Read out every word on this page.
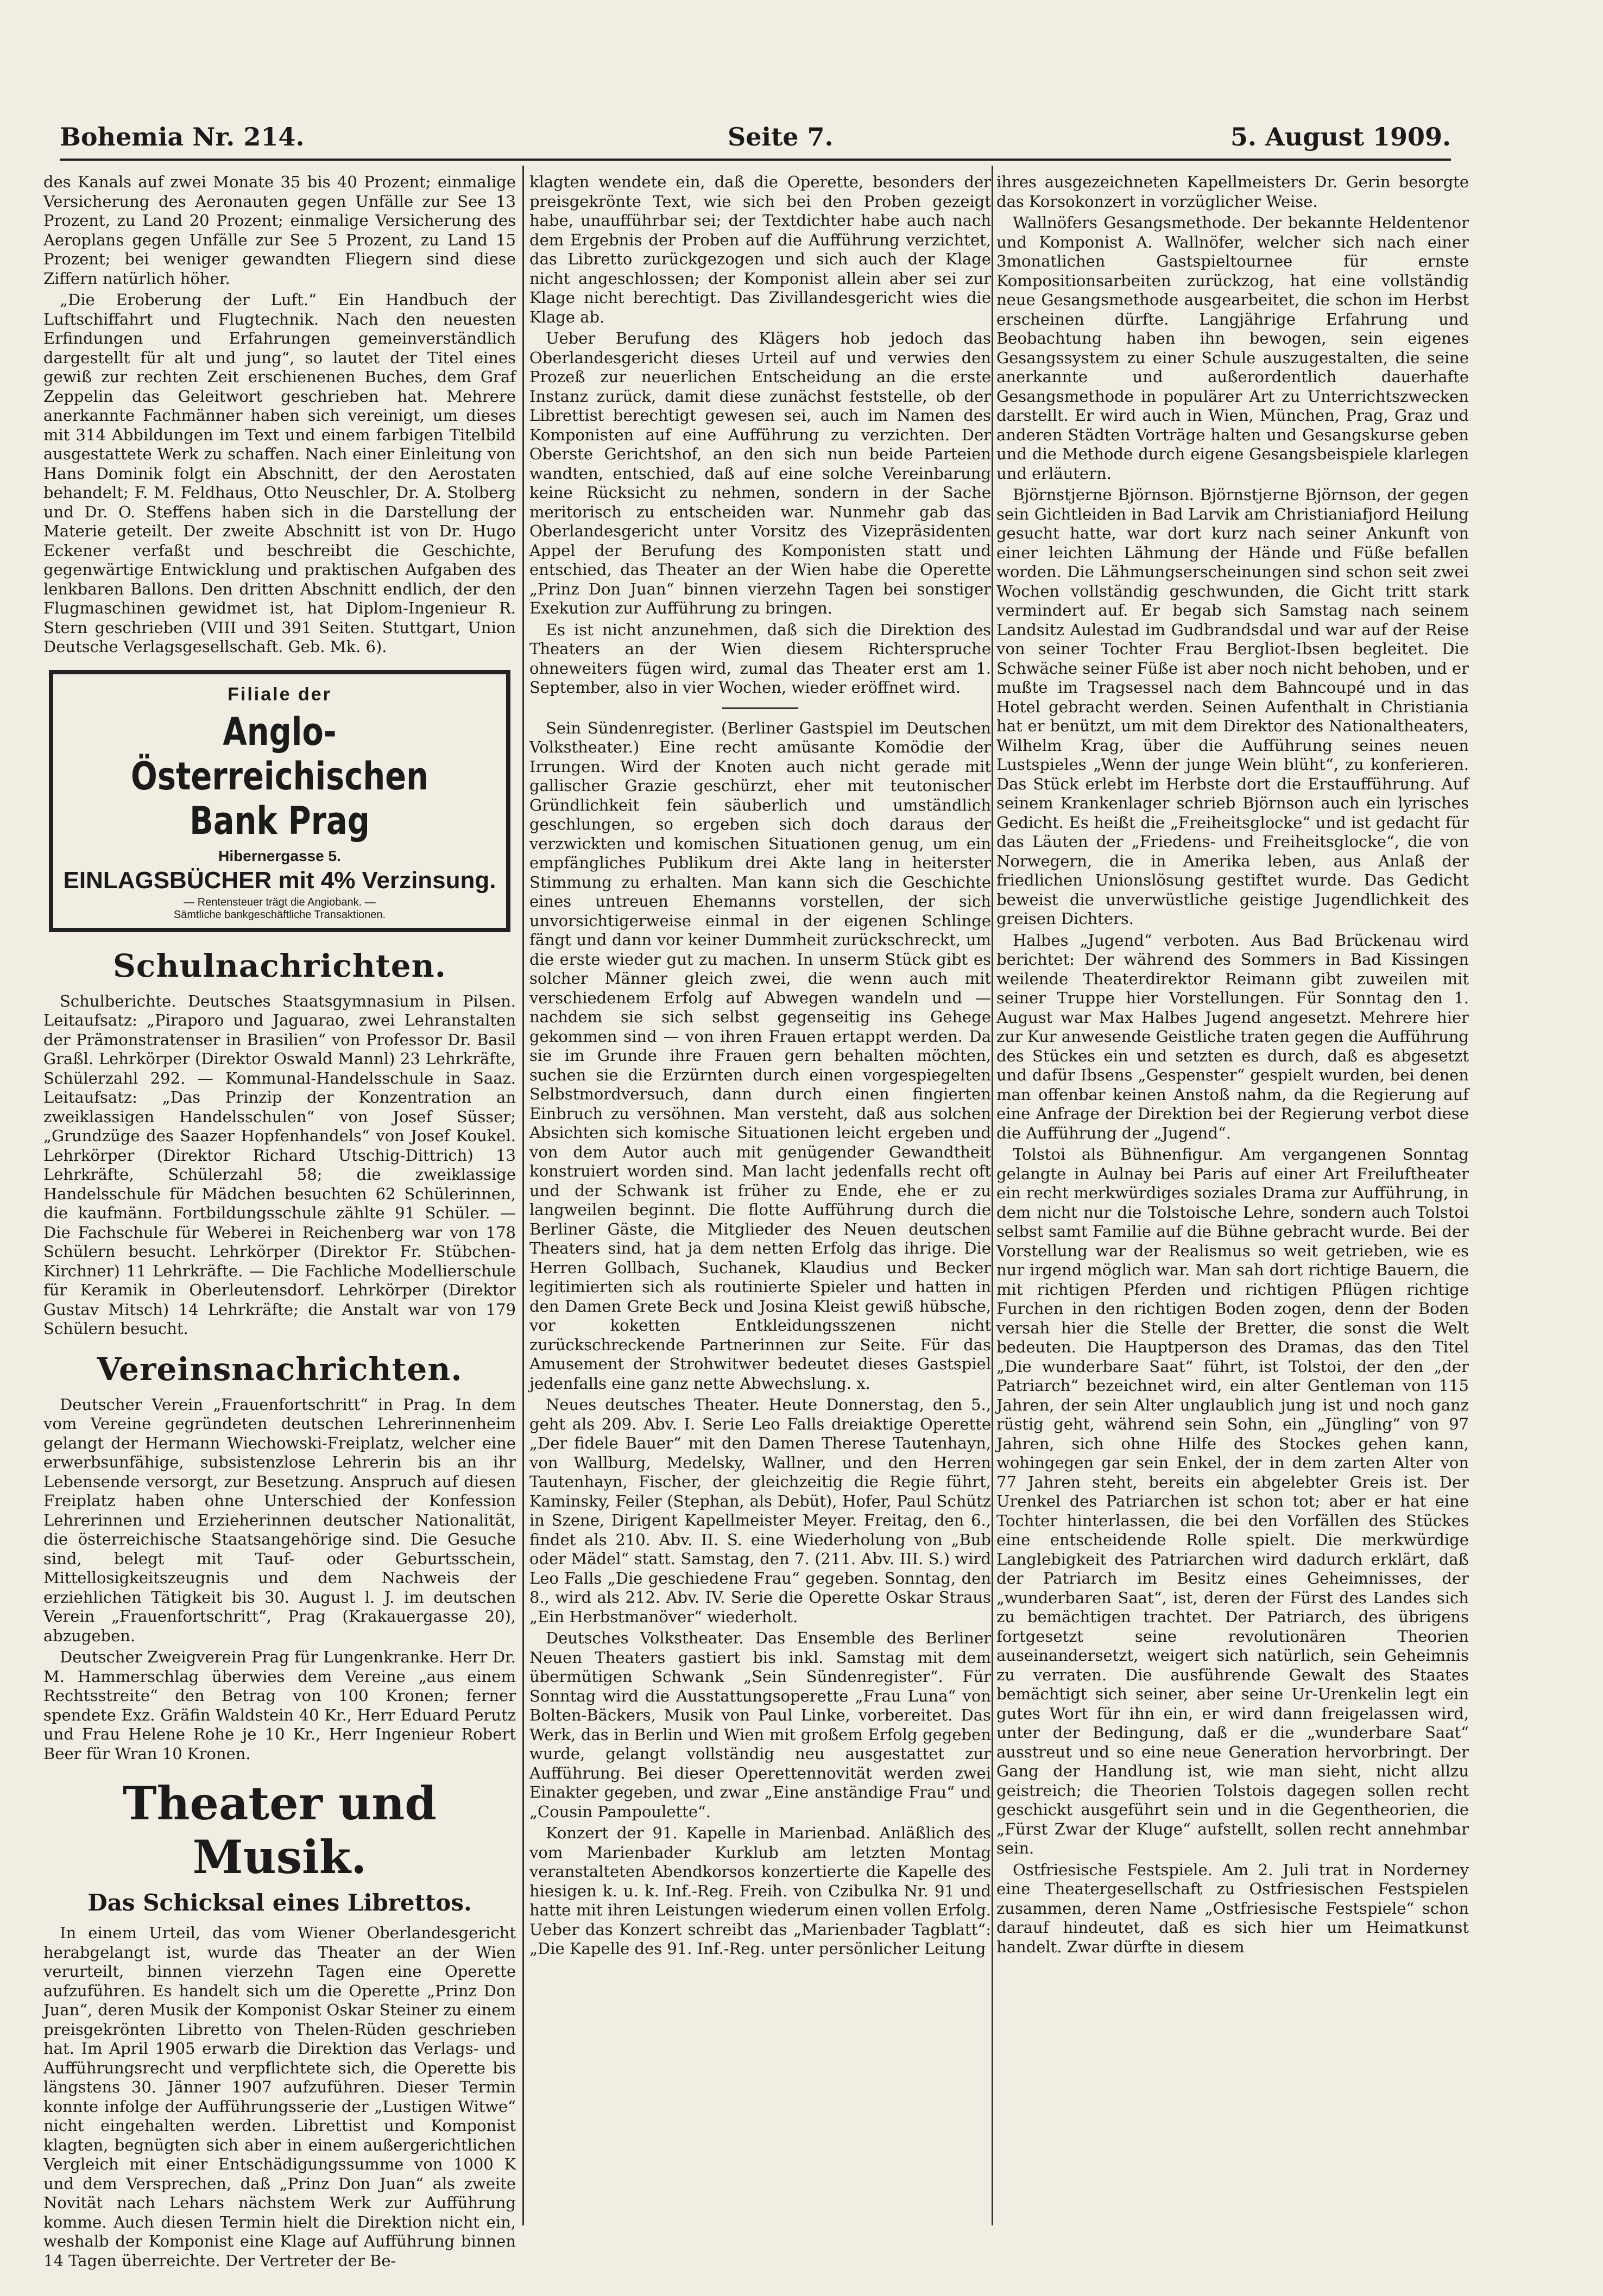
Bohemia Nr. 214.	Seite 7.	5. August 1909.

des Kanals auf zwei Monate 35 bis 40 Prozent; einmalige Versicherung des Aeronauten gegen Unfälle zur See 13 Prozent, zu Land 20 Prozent; einmalige Versicherung des Aeroplans gegen Unfälle zur See 5 Prozent, zu Land 15 Prozent; bei weniger gewandten Fliegern sind diese Ziffern natürlich höher.

„Die Eroberung der Luft.“ Ein Handbuch der Luftschiffahrt und Flugtechnik. Nach den neuesten Erfindungen und Erfahrungen gemeinverständlich dargestellt für alt und jung“, so lautet der Titel eines gewiß zur rechten Zeit erschienenen Buches, dem Graf Zeppelin das Geleitwort geschrieben hat. Mehrere anerkannte Fachmänner haben sich vereinigt, um dieses mit 314 Abbildungen im Text und einem farbigen Titelbild ausgestattete Werk zu schaffen. Nach einer Einleitung von Hans Dominik folgt ein Abschnitt, der den Aerostaten behandelt; F. M. Feldhaus, Otto Neuschler, Dr. A. Stolberg und Dr. O. Steffens haben sich in die Darstellung der Materie geteilt. Der zweite Abschnitt ist von Dr. Hugo Eckener verfaßt und beschreibt die Geschichte, gegenwärtige Entwicklung und praktischen Aufgaben des lenkbaren Ballons. Den dritten Abschnitt endlich, der den Flugmaschinen gewidmet ist, hat Diplom-Ingenieur R. Stern geschrieben (VIII und 391 Seiten. Stuttgart, Union Deutsche Verlagsgesellschaft. Geb. Mk. 6).

Filiale der
Anglo-Österreichischen Bank Prag
Hibernergasse 5.
EINLAGSBÜCHER mit 4% Verzinsung.
— Rentensteuer trägt die Angiobank. —
Sämtliche bankgeschäftliche Transaktionen.
Schulnachrichten.

Schulberichte. Deutsches Staatsgymnasium in Pilsen. Leitaufsatz: „Piraporo und Jaguarao, zwei Lehranstalten der Prämonstratenser in Brasilien“ von Professor Dr. Basil Graßl. Lehrkörper (Direktor Oswald Mannl) 23 Lehrkräfte, Schülerzahl 292. — Kommunal-Handelsschule in Saaz. Leitaufsatz: „Das Prinzip der Konzentration an zweiklassigen Handelsschulen“ von Josef Süsser; „Grundzüge des Saazer Hopfenhandels“ von Josef Koukel. Lehrkörper (Direktor Richard Utschig-Dittrich) 13 Lehrkräfte, Schülerzahl 58; die zweiklassige Handelsschule für Mädchen besuchten 62 Schülerinnen, die kaufmänn. Fortbildungsschule zählte 91 Schüler. — Die Fachschule für Weberei in Reichenberg war von 178 Schülern besucht. Lehrkörper (Direktor Fr. Stübchen-Kirchner) 11 Lehrkräfte. — Die Fachliche Modellierschule für Keramik in Oberleutensdorf. Lehrkörper (Direktor Gustav Mitsch) 14 Lehrkräfte; die Anstalt war von 179 Schülern besucht.

Vereinsnachrichten.

Deutscher Verein „Frauenfortschritt“ in Prag. In dem vom Vereine gegründeten deutschen Lehrerinnenheim gelangt der Hermann Wiechowski-Freiplatz, welcher eine erwerbsunfähige, subsistenzlose Lehrerin bis an ihr Lebensende versorgt, zur Besetzung. Anspruch auf diesen Freiplatz haben ohne Unterschied der Konfession Lehrerinnen und Erzieherinnen deutscher Nationalität, die österreichische Staatsangehörige sind. Die Gesuche sind, belegt mit Tauf- oder Geburtsschein, Mittellosigkeitszeugnis und dem Nachweis der erziehlichen Tätigkeit bis 30. August l. J. im deutschen Verein „Frauenfortschritt“, Prag (Krakauergasse 20), abzugeben.

Deutscher Zweigverein Prag für Lungenkranke. Herr Dr. M. Hammerschlag überwies dem Vereine „aus einem Rechtsstreite“ den Betrag von 100 Kronen; ferner spendete Exz. Gräfin Waldstein 40 Kr., Herr Eduard Perutz und Frau Helene Rohe je 10 Kr., Herr Ingenieur Robert Beer für Wran 10 Kronen.

Theater und Musik.
Das Schicksal eines Librettos.

In einem Urteil, das vom Wiener Oberlandesgericht herabgelangt ist, wurde das Theater an der Wien verurteilt, binnen vierzehn Tagen eine Operette aufzuführen. Es handelt sich um die Operette „Prinz Don Juan“, deren Musik der Komponist Oskar Steiner zu einem preisgekrönten Libretto von Thelen-Rüden geschrieben hat. Im April 1905 erwarb die Direktion das Verlags- und Aufführungsrecht und verpflichtete sich, die Operette bis längstens 30. Jänner 1907 aufzuführen. Dieser Termin konnte infolge der Aufführungsserie der „Lustigen Witwe“ nicht eingehalten werden. Librettist und Komponist klagten, begnügten sich aber in einem außergerichtlichen Vergleich mit einer Entschädigungssumme von 1000 K und dem Versprechen, daß „Prinz Don Juan“ als zweite Novität nach Lehars nächstem Werk zur Aufführung komme. Auch diesen Termin hielt die Direktion nicht ein, weshalb der Komponist eine Klage auf Aufführung binnen 14 Tagen überreichte. Der Vertreter der Be-

klagten wendete ein, daß die Operette, besonders der preisgekrönte Text, wie sich bei den Proben gezeigt habe, unaufführbar sei; der Textdichter habe auch nach dem Ergebnis der Proben auf die Aufführung verzichtet, das Libretto zurückgezogen und sich auch der Klage nicht angeschlossen; der Komponist allein aber sei zur Klage nicht berechtigt. Das Zivillandesgericht wies die Klage ab.

Ueber Berufung des Klägers hob jedoch das Oberlandesgericht dieses Urteil auf und verwies den Prozeß zur neuerlichen Entscheidung an die erste Instanz zurück, damit diese zunächst feststelle, ob der Librettist berechtigt gewesen sei, auch im Namen des Komponisten auf eine Aufführung zu verzichten. Der Oberste Gerichtshof, an den sich nun beide Parteien wandten, entschied, daß auf eine solche Vereinbarung keine Rücksicht zu nehmen, sondern in der Sache meritorisch zu entscheiden war. Nunmehr gab das Oberlandesgericht unter Vorsitz des Vizepräsidenten Appel der Berufung des Komponisten statt und entschied, das Theater an der Wien habe die Operette „Prinz Don Juan“ binnen vierzehn Tagen bei sonstiger Exekution zur Aufführung zu bringen.

Es ist nicht anzunehmen, daß sich die Direktion des Theaters an der Wien diesem Richterspruche ohneweiters fügen wird, zumal das Theater erst am 1. September, also in vier Wochen, wieder eröffnet wird.

Sein Sündenregister. (Berliner Gastspiel im Deutschen Volkstheater.) Eine recht amüsante Komödie der Irrungen. Wird der Knoten auch nicht gerade mit gallischer Grazie geschürzt, eher mit teutonischer Gründlichkeit fein säuberlich und umständlich geschlungen, so ergeben sich doch daraus der verzwickten und komischen Situationen genug, um ein empfängliches Publikum drei Akte lang in heiterster Stimmung zu erhalten. Man kann sich die Geschichte eines untreuen Ehemanns vorstellen, der sich unvorsichtigerweise einmal in der eigenen Schlinge fängt und dann vor keiner Dummheit zurückschreckt, um die erste wieder gut zu machen. In unserm Stück gibt es solcher Männer gleich zwei, die wenn auch mit verschiedenem Erfolg auf Abwegen wandeln und — nachdem sie sich selbst gegenseitig ins Gehege gekommen sind — von ihren Frauen ertappt werden. Da sie im Grunde ihre Frauen gern behalten möchten, suchen sie die Erzürnten durch einen vorgespiegelten Selbstmordversuch, dann durch einen fingierten Einbruch zu versöhnen. Man versteht, daß aus solchen Absichten sich komische Situationen leicht ergeben und von dem Autor auch mit genügender Gewandtheit konstruiert worden sind. Man lacht jedenfalls recht oft und der Schwank ist früher zu Ende, ehe er zu langweilen beginnt. Die flotte Aufführung durch die Berliner Gäste, die Mitglieder des Neuen deutschen Theaters sind, hat ja dem netten Erfolg das ihrige. Die Herren Gollbach, Suchanek, Klaudius und Becker legitimierten sich als routinierte Spieler und hatten in den Damen Grete Beck und Josina Kleist gewiß hübsche, vor koketten Entkleidungsszenen nicht zurückschreckende Partnerinnen zur Seite. Für das Amusement der Strohwitwer bedeutet dieses Gastspiel jedenfalls eine ganz nette Abwechslung. x.

Neues deutsches Theater. Heute Donnerstag, den 5., geht als 209. Abv. I. Serie Leo Falls dreiaktige Operette „Der fidele Bauer“ mit den Damen Therese Tautenhayn, von Wallburg, Medelsky, Wallner, und den Herren Tautenhayn, Fischer, der gleichzeitig die Regie führt, Kaminsky, Feiler (Stephan, als Debüt), Hofer, Paul Schütz in Szene, Dirigent Kapellmeister Meyer. Freitag, den 6., findet als 210. Abv. II. S. eine Wiederholung von „Bub oder Mädel“ statt. Samstag, den 7. (211. Abv. III. S.) wird Leo Falls „Die geschiedene Frau“ gegeben. Sonntag, den 8., wird als 212. Abv. IV. Serie die Operette Oskar Straus „Ein Herbstmanöver“ wiederholt.

Deutsches Volkstheater. Das Ensemble des Berliner Neuen Theaters gastiert bis inkl. Samstag mit dem übermütigen Schwank „Sein Sündenregister“. Für Sonntag wird die Ausstattungsoperette „Frau Luna“ von Bolten-Bäckers, Musik von Paul Linke, vorbereitet. Das Werk, das in Berlin und Wien mit großem Erfolg gegeben wurde, gelangt vollständig neu ausgestattet zur Aufführung. Bei dieser Operettennovität werden zwei Einakter gegeben, und zwar „Eine anständige Frau“ und „Cousin Pampoulette“.

Konzert der 91. Kapelle in Marienbad. Anläßlich des vom Marienbader Kurklub am letzten Montag veranstalteten Abendkorsos konzertierte die Kapelle des hiesigen k. u. k. Inf.-Reg. Freih. von Czibulka Nr. 91 und hatte mit ihren Leistungen wiederum einen vollen Erfolg. Ueber das Konzert schreibt das „Marienbader Tagblatt“: „Die Kapelle des 91. Inf.-Reg. unter persönlicher Leitung

ihres ausgezeichneten Kapellmeisters Dr. Gerin besorgte das Korsokonzert in vorzüglicher Weise.

Wallnöfers Gesangsmethode. Der bekannte Heldentenor und Komponist A. Wallnöfer, welcher sich nach einer 3monatlichen Gastspieltournee für ernste Kompositionsarbeiten zurückzog, hat eine vollständig neue Gesangsmethode ausgearbeitet, die schon im Herbst erscheinen dürfte. Langjährige Erfahrung und Beobachtung haben ihn bewogen, sein eigenes Gesangssystem zu einer Schule auszugestalten, die seine anerkannte und außerordentlich dauerhafte Gesangsmethode in populärer Art zu Unterrichtszwecken darstellt. Er wird auch in Wien, München, Prag, Graz und anderen Städten Vorträge halten und Gesangskurse geben und die Methode durch eigene Gesangsbeispiele klarlegen und erläutern.

Björnstjerne Björnson. Björnstjerne Björnson, der gegen sein Gichtleiden in Bad Larvik am Christianiafjord Heilung gesucht hatte, war dort kurz nach seiner Ankunft von einer leichten Lähmung der Hände und Füße befallen worden. Die Lähmungserscheinungen sind schon seit zwei Wochen vollständig geschwunden, die Gicht tritt stark vermindert auf. Er begab sich Samstag nach seinem Landsitz Aulestad im Gudbrandsdal und war auf der Reise von seiner Tochter Frau Bergliot-Ibsen begleitet. Die Schwäche seiner Füße ist aber noch nicht behoben, und er mußte im Tragsessel nach dem Bahncoupé und in das Hotel gebracht werden. Seinen Aufenthalt in Christiania hat er benützt, um mit dem Direktor des Nationaltheaters, Wilhelm Krag, über die Aufführung seines neuen Lustspieles „Wenn der junge Wein blüht“, zu konferieren. Das Stück erlebt im Herbste dort die Erstaufführung. Auf seinem Krankenlager schrieb Björnson auch ein lyrisches Gedicht. Es heißt die „Freiheitsglocke“ und ist gedacht für das Läuten der „Friedens- und Freiheitsglocke“, die von Norwegern, die in Amerika leben, aus Anlaß der friedlichen Unionslösung gestiftet wurde. Das Gedicht beweist die unverwüstliche geistige Jugendlichkeit des greisen Dichters.

Halbes „Jugend“ verboten. Aus Bad Brückenau wird berichtet: Der während des Sommers in Bad Kissingen weilende Theaterdirektor Reimann gibt zuweilen mit seiner Truppe hier Vorstellungen. Für Sonntag den 1. August war Max Halbes Jugend angesetzt. Mehrere hier zur Kur anwesende Geistliche traten gegen die Aufführung des Stückes ein und setzten es durch, daß es abgesetzt und dafür Ibsens „Gespenster“ gespielt wurden, bei denen man offenbar keinen Anstoß nahm, da die Regierung auf eine Anfrage der Direktion bei der Regierung verbot diese die Aufführung der „Jugend“.

Tolstoi als Bühnenfigur. Am vergangenen Sonntag gelangte in Aulnay bei Paris auf einer Art Freiluftheater ein recht merkwürdiges soziales Drama zur Aufführung, in dem nicht nur die Tolstoische Lehre, sondern auch Tolstoi selbst samt Familie auf die Bühne gebracht wurde. Bei der Vorstellung war der Realismus so weit getrieben, wie es nur irgend möglich war. Man sah dort richtige Bauern, die mit richtigen Pferden und richtigen Pflügen richtige Furchen in den richtigen Boden zogen, denn der Boden versah hier die Stelle der Bretter, die sonst die Welt bedeuten. Die Hauptperson des Dramas, das den Titel „Die wunderbare Saat“ führt, ist Tolstoi, der den „der Patriarch“ bezeichnet wird, ein alter Gentleman von 115 Jahren, der sein Alter unglaublich jung ist und noch ganz rüstig geht, während sein Sohn, ein „Jüngling“ von 97 Jahren, sich ohne Hilfe des Stockes gehen kann, wohingegen gar sein Enkel, der in dem zarten Alter von 77 Jahren steht, bereits ein abgelebter Greis ist. Der Urenkel des Patriarchen ist schon tot; aber er hat eine Tochter hinterlassen, die bei den Vorfällen des Stückes eine entscheidende Rolle spielt. Die merkwürdige Langlebigkeit des Patriarchen wird dadurch erklärt, daß der Patriarch im Besitz eines Geheimnisses, der „wunderbaren Saat“, ist, deren der Fürst des Landes sich zu bemächtigen trachtet. Der Patriarch, des übrigens fortgesetzt seine revolutionären Theorien auseinandersetzt, weigert sich natürlich, sein Geheimnis zu verraten. Die ausführende Gewalt des Staates bemächtigt sich seiner, aber seine Ur-Urenkelin legt ein gutes Wort für ihn ein, er wird dann freigelassen wird, unter der Bedingung, daß er die „wunderbare Saat“ ausstreut und so eine neue Generation hervorbringt. Der Gang der Handlung ist, wie man sieht, nicht allzu geistreich; die Theorien Tolstois dagegen sollen recht geschickt ausgeführt sein und in die Gegentheorien, die „Fürst Zwar der Kluge“ aufstellt, sollen recht annehmbar sein.

Ostfriesische Festspiele. Am 2. Juli trat in Norderney eine Theatergesellschaft zu Ostfriesischen Festspielen zusammen, deren Name „Ostfriesische Festspiele“ schon darauf hindeutet, daß es sich hier um Heimatkunst handelt. Zwar dürfte in diesem
